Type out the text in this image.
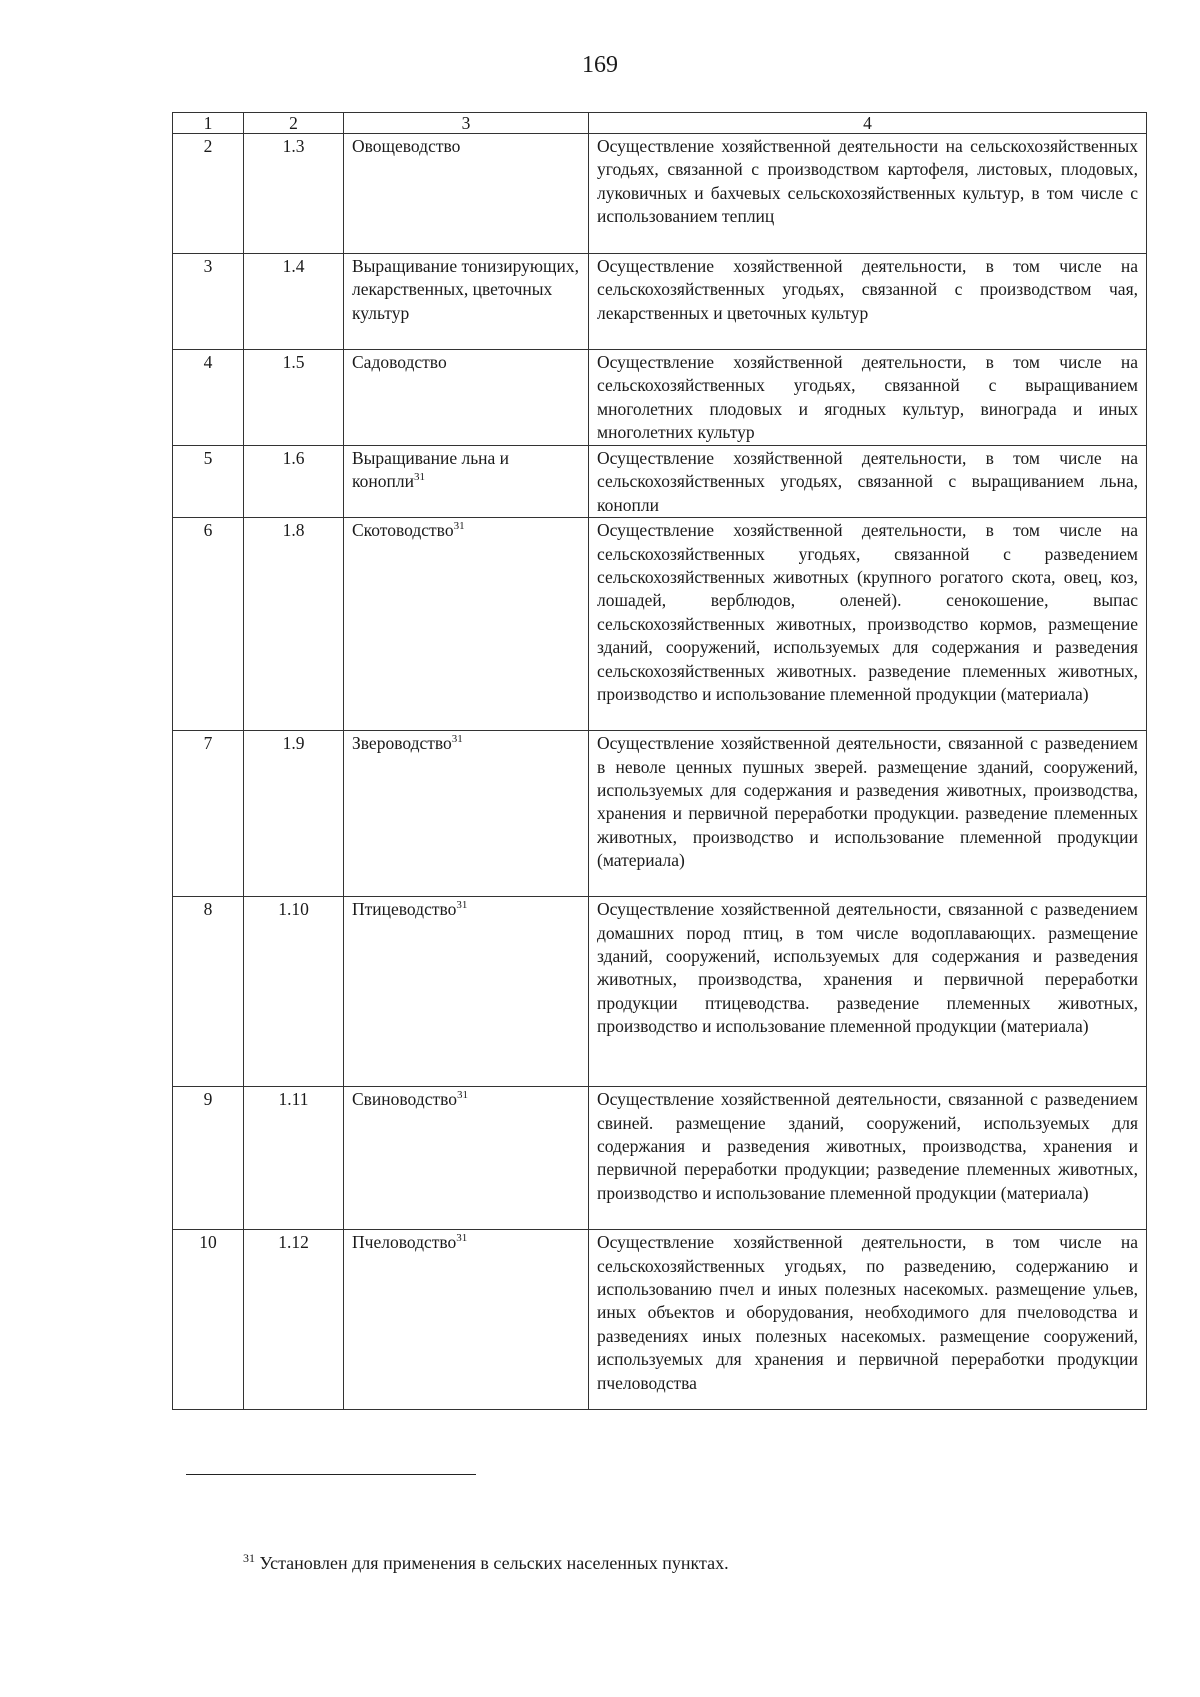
169
1	2	3	4
2	1.3	Овощеводство	Осуществление хозяйственной деятельности на сельскохозяйственных угодьях, связанной с производством картофеля, листовых, плодовых, луковичных и бахчевых сельскохозяйственных культур, в том числе с использованием теплиц
3	1.4	Выращивание тонизирующих, лекарственных, цветочных культур	Осуществление хозяйственной деятельности, в том числе на сельскохозяйственных угодьях, связанной с производством чая, лекарственных и цветочных культур
4	1.5	Садоводство	Осуществление хозяйственной деятельности, в том числе на сельскохозяйственных угодьях, связанной с выращиванием многолетних плодовых и ягодных культур, винограда и иных многолетних культур
5	1.6	Выращивание льна и конопли$^{31}$	Осуществление хозяйственной деятельности, в том числе на сельскохозяйственных угодьях, связанной с выращиванием льна, конопли
6	1.8	Скотоводство$^{31}$	Осуществление хозяйственной деятельности, в том числе на сельскохозяйственных угодьях, связанной с разведением сельскохозяйственных животных (крупного рогатого скота, овец, коз, лошадей, верблюдов, оленей). сенокошение, выпас сельскохозяйственных животных, производство кормов, размещение зданий, сооружений, используемых для содержания и разведения сельскохозяйственных животных. разведение племенных животных, производство и использование племенной продукции (материала)
7	1.9	Звероводство$^{31}$	Осуществление хозяйственной деятельности, связанной с разведением в неволе ценных пушных зверей. размещение зданий, сооружений, используемых для содержания и разведения животных, производства, хранения и первичной переработки продукции. разведение племенных животных, производство и использование племенной продукции (материала)
8	1.10	Птицеводство$^{31}$	Осуществление хозяйственной деятельности, связанной с разведением домашних пород птиц, в том числе водоплавающих. размещение зданий, сооружений, используемых для содержания и разведения животных, производства, хранения и первичной переработки продукции птицеводства. разведение племенных животных, производство и использование племенной продукции (материала)
9	1.11	Свиноводство$^{31}$	Осуществление хозяйственной деятельности, связанной с разведением свиней. размещение зданий, сооружений, используемых для содержания и разведения животных, производства, хранения и первичной переработки продукции; разведение племенных животных, производство и использование племенной продукции (материала)
10	1.12	Пчеловодство$^{31}$	Осуществление хозяйственной деятельности, в том числе на сельскохозяйственных угодьях, по разведению, содержанию и использованию пчел и иных полезных насекомых. размещение ульев, иных объектов и оборудования, необходимого для пчеловодства и разведениях иных полезных насекомых. размещение сооружений, используемых для хранения и первичной переработки продукции пчеловодства
$^{31}$ Установлен для применения в сельских населенных пунктах.
